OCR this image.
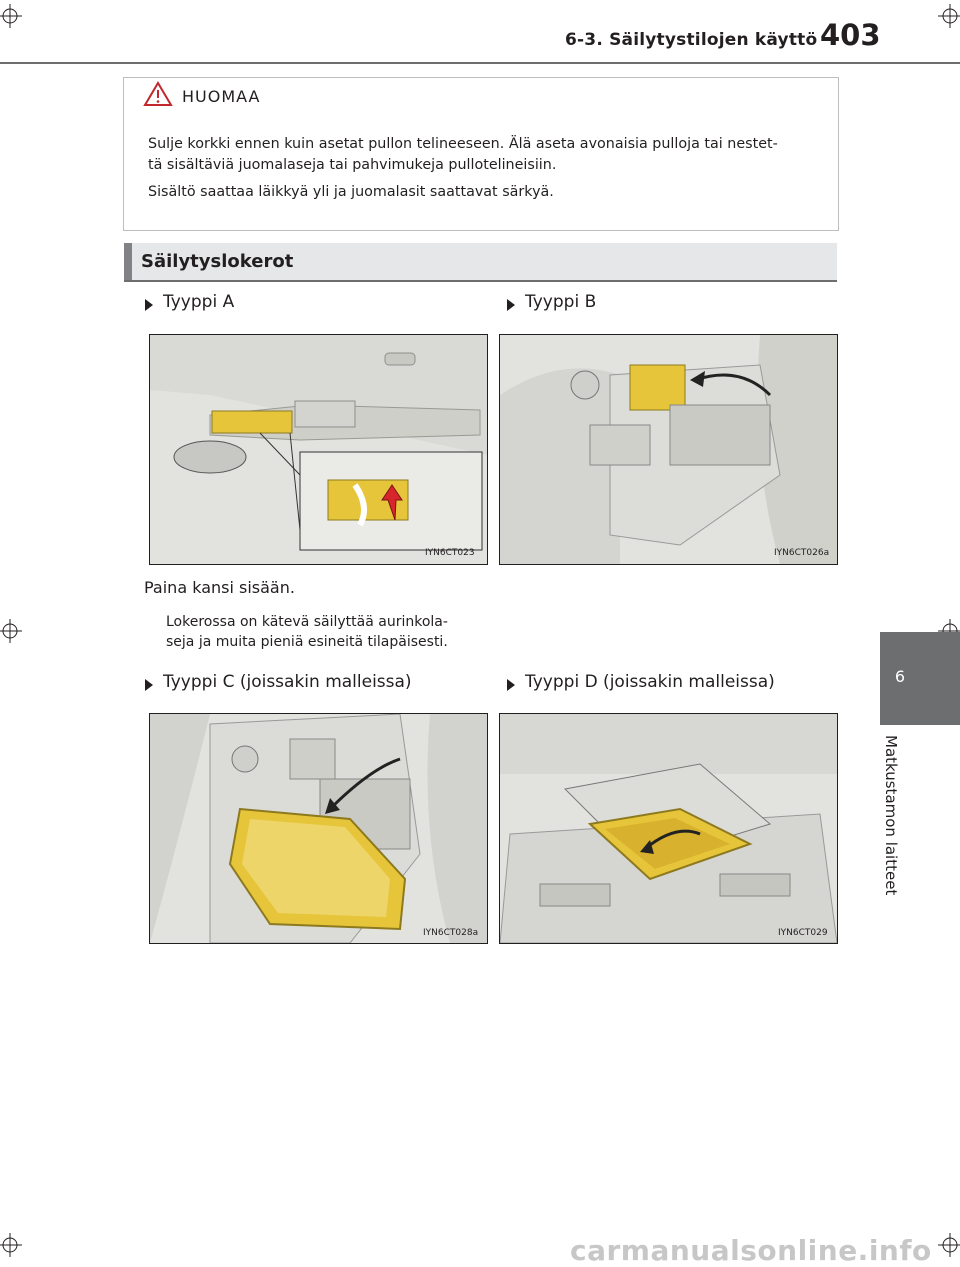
6-3. Säilytystilojen käyttö 403
6
Matkustamon laitteet
HUOMAA
Sulje korkki ennen kuin asetat pullon telineeseen. Älä aseta avonaisia pulloja tai nestet-
tä sisältäviä juomalaseja tai pahvimukeja pullotelineisiin.
Sisältö saattaa läikkyä yli ja juomalasit saattavat särkyä.
Säilytyslokerot
Tyyppi A	Tyyppi B
IYN6CT023	IYN6CT026a
Paina kansi sisään.
Lokerossa on kätevä säilyttää aurinkola-
seja ja muita pieniä esineitä tilapäisesti.
Tyyppi C (joissakin malleissa)	Tyyppi D (joissakin malleissa)
IYN6CT028a	IYN6CT029
carmanualsonline.info
